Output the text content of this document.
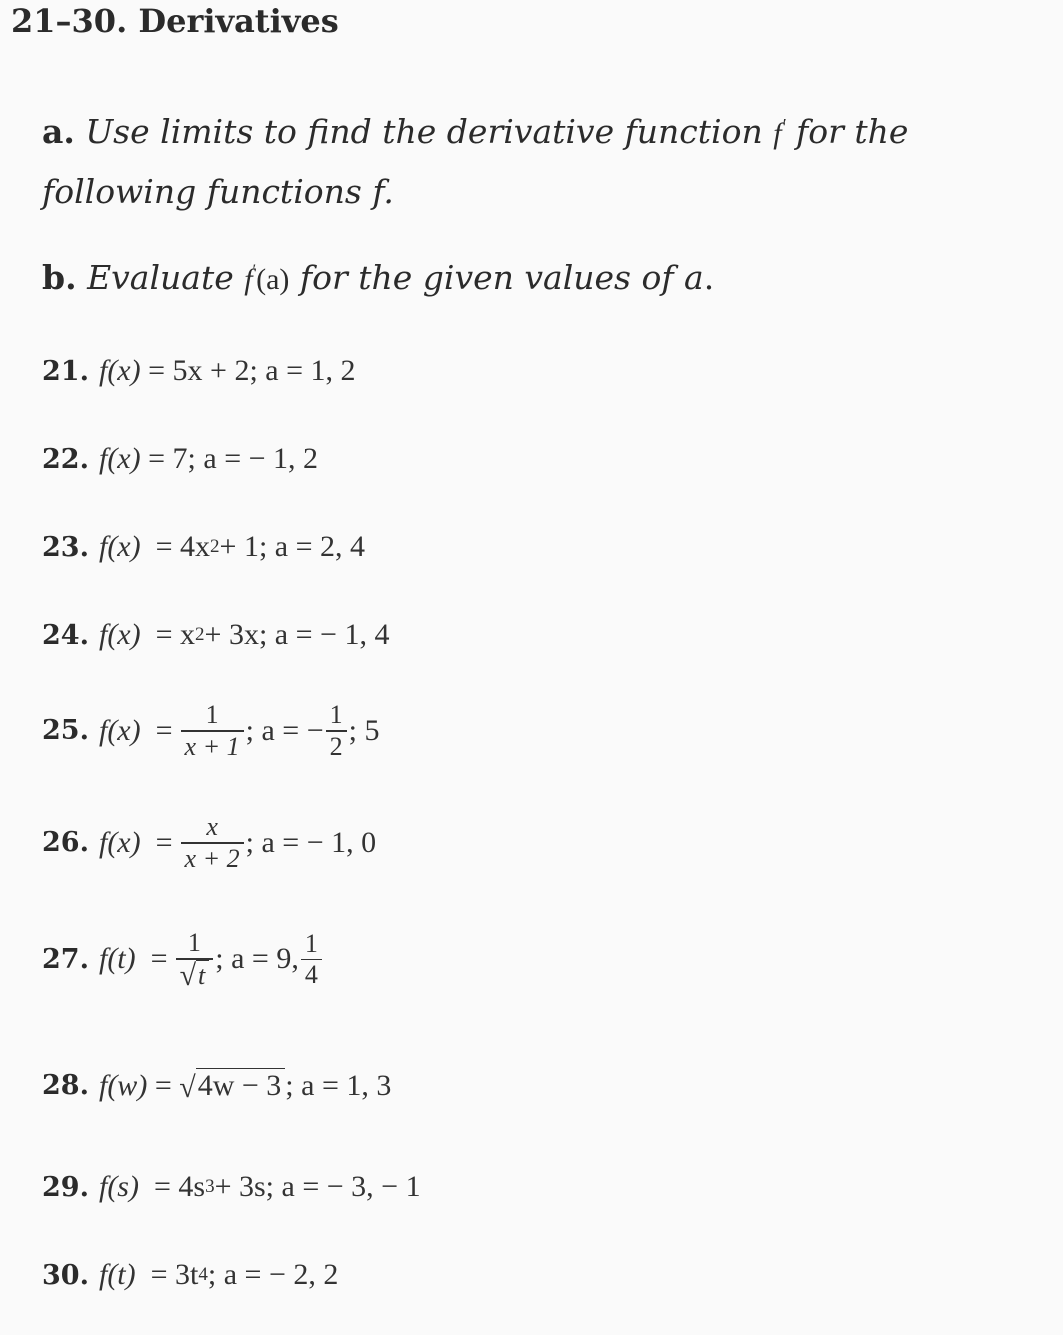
21–30. Derivatives
a. Use limits to find the derivative function f′ for the
following functions f.
b. Evaluate f′(a) for the given values of a.
21. f(x)
= 5x + 2; a = 1, 2
22. f(x)
= 7; a = − 1, 2
23. f(x)
= 4x 2 + 1; a = 2, 4
24. f(x)
= x 2 + 3x; a = − 1, 4
25. f(x)
= $\frac{1}{x + 1}$ ; a = − $\frac{1}{2}$ ; 5
26. f(x)
= $\frac{x}{x + 2}$ ; a = − 1, 0
27. f(t)
= $\frac{1}{√ t}$ ; a = 9, $\frac{1}{4}$
28. f(w)
=
√ 4w − 3 ; a = 1, 3
29. f(s)
= 4s 3 + 3s; a = − 3, − 1
30. f(t)
= 3t 4 ; a = − 2, 2
